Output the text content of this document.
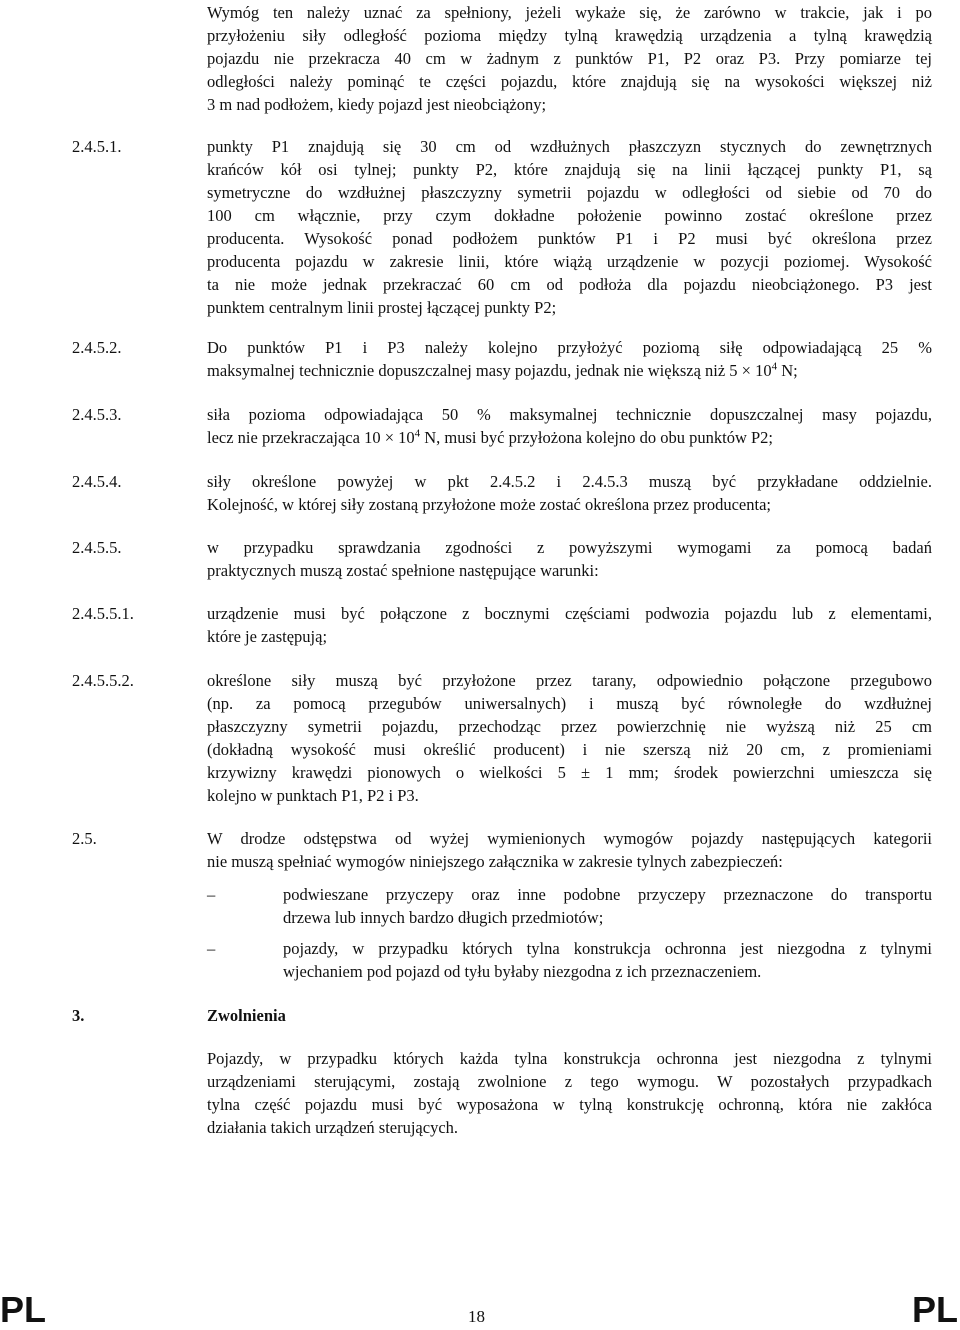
Wymóg ten należy uznać za spełniony, jeżeli wykaże się, że zarówno w trakcie, jak i po
przyłożeniu siły odległość pozioma między tylną krawędzią urządzenia a tylną krawędzią
pojazdu nie przekracza 40 cm w żadnym z punktów P1, P2 oraz P3. Przy pomiarze tej
odległości należy pominąć te części pojazdu, które znajdują się na wysokości większej niż
3 m nad podłożem, kiedy pojazd jest nieobciążony;
2.4.5.1.	punkty P1 znajdują się 30 cm od wzdłużnych płaszczyzn stycznych do zewnętrznych
krańców kół osi tylnej; punkty P2, które znajdują się na linii łączącej punkty P1, są
symetryczne do wzdłużnej płaszczyzny symetrii pojazdu w odległości od siebie od 70 do
100 cm włącznie, przy czym dokładne położenie powinno zostać określone przez
producenta. Wysokość ponad podłożem punktów P1 i P2 musi być określona przez
producenta pojazdu w zakresie linii, które wiążą urządzenie w pozycji poziomej. Wysokość
ta nie może jednak przekraczać 60 cm od podłoża dla pojazdu nieobciążonego. P3 jest
punktem centralnym linii prostej łączącej punkty P2;
2.4.5.2.	Do punktów P1 i P3 należy kolejno przyłożyć poziomą siłę odpowiadającą 25 %
maksymalnej technicznie dopuszczalnej masy pojazdu, jednak nie większą niż $5 \times 10^4$ N;
2.4.5.3.	siła pozioma odpowiadająca 50 % maksymalnej technicznie dopuszczalnej masy pojazdu,
lecz nie przekraczająca $10 \times 10^4$ N, musi być przyłożona kolejno do obu punktów P2;
2.4.5.4.	siły określone powyżej w pkt 2.4.5.2 i 2.4.5.3 muszą być przykładane oddzielnie.
Kolejność, w której siły zostaną przyłożone może zostać określona przez producenta;
2.4.5.5.	w przypadku sprawdzania zgodności z powyższymi wymogami za pomocą badań
praktycznych muszą zostać spełnione następujące warunki:
2.4.5.5.1.	urządzenie musi być połączone z bocznymi częściami podwozia pojazdu lub z elementami,
które je zastępują;
2.4.5.5.2.	określone siły muszą być przyłożone przez tarany, odpowiednio połączone przegubowo
(np. za pomocą przegubów uniwersalnych) i muszą być równoległe do wzdłużnej
płaszczyzny symetrii pojazdu, przechodząc przez powierzchnię nie wyższą niż 25 cm
(dokładną wysokość musi określić producent) i nie szerszą niż 20 cm, z promieniami
krzywizny krawędzi pionowych o wielkości 5 ± 1 mm; środek powierzchni umieszcza się
kolejno w punktach P1, P2 i P3.
2.5.	W drodze odstępstwa od wyżej wymienionych wymogów pojazdy następujących kategorii
nie muszą spełniać wymogów niniejszego załącznika w zakresie tylnych zabezpieczeń:
–	podwieszane przyczepy oraz inne podobne przyczepy przeznaczone do transportu
drzewa lub innych bardzo długich przedmiotów;
–	pojazdy, w przypadku których tylna konstrukcja ochronna jest niezgodna z tylnymi
wjechaniem pod pojazd od tyłu byłaby niezgodna z ich przeznaczeniem.
3.	Zwolnienia
Pojazdy, w przypadku których każda tylna konstrukcja ochronna jest niezgodna z tylnymi
urządzeniami sterującymi, zostają zwolnione z tego wymogu. W pozostałych przypadkach
tylna część pojazdu musi być wyposażona w tylną konstrukcję ochronną, która nie zakłóca
działania takich urządzeń sterujących.
PL	18	PL
